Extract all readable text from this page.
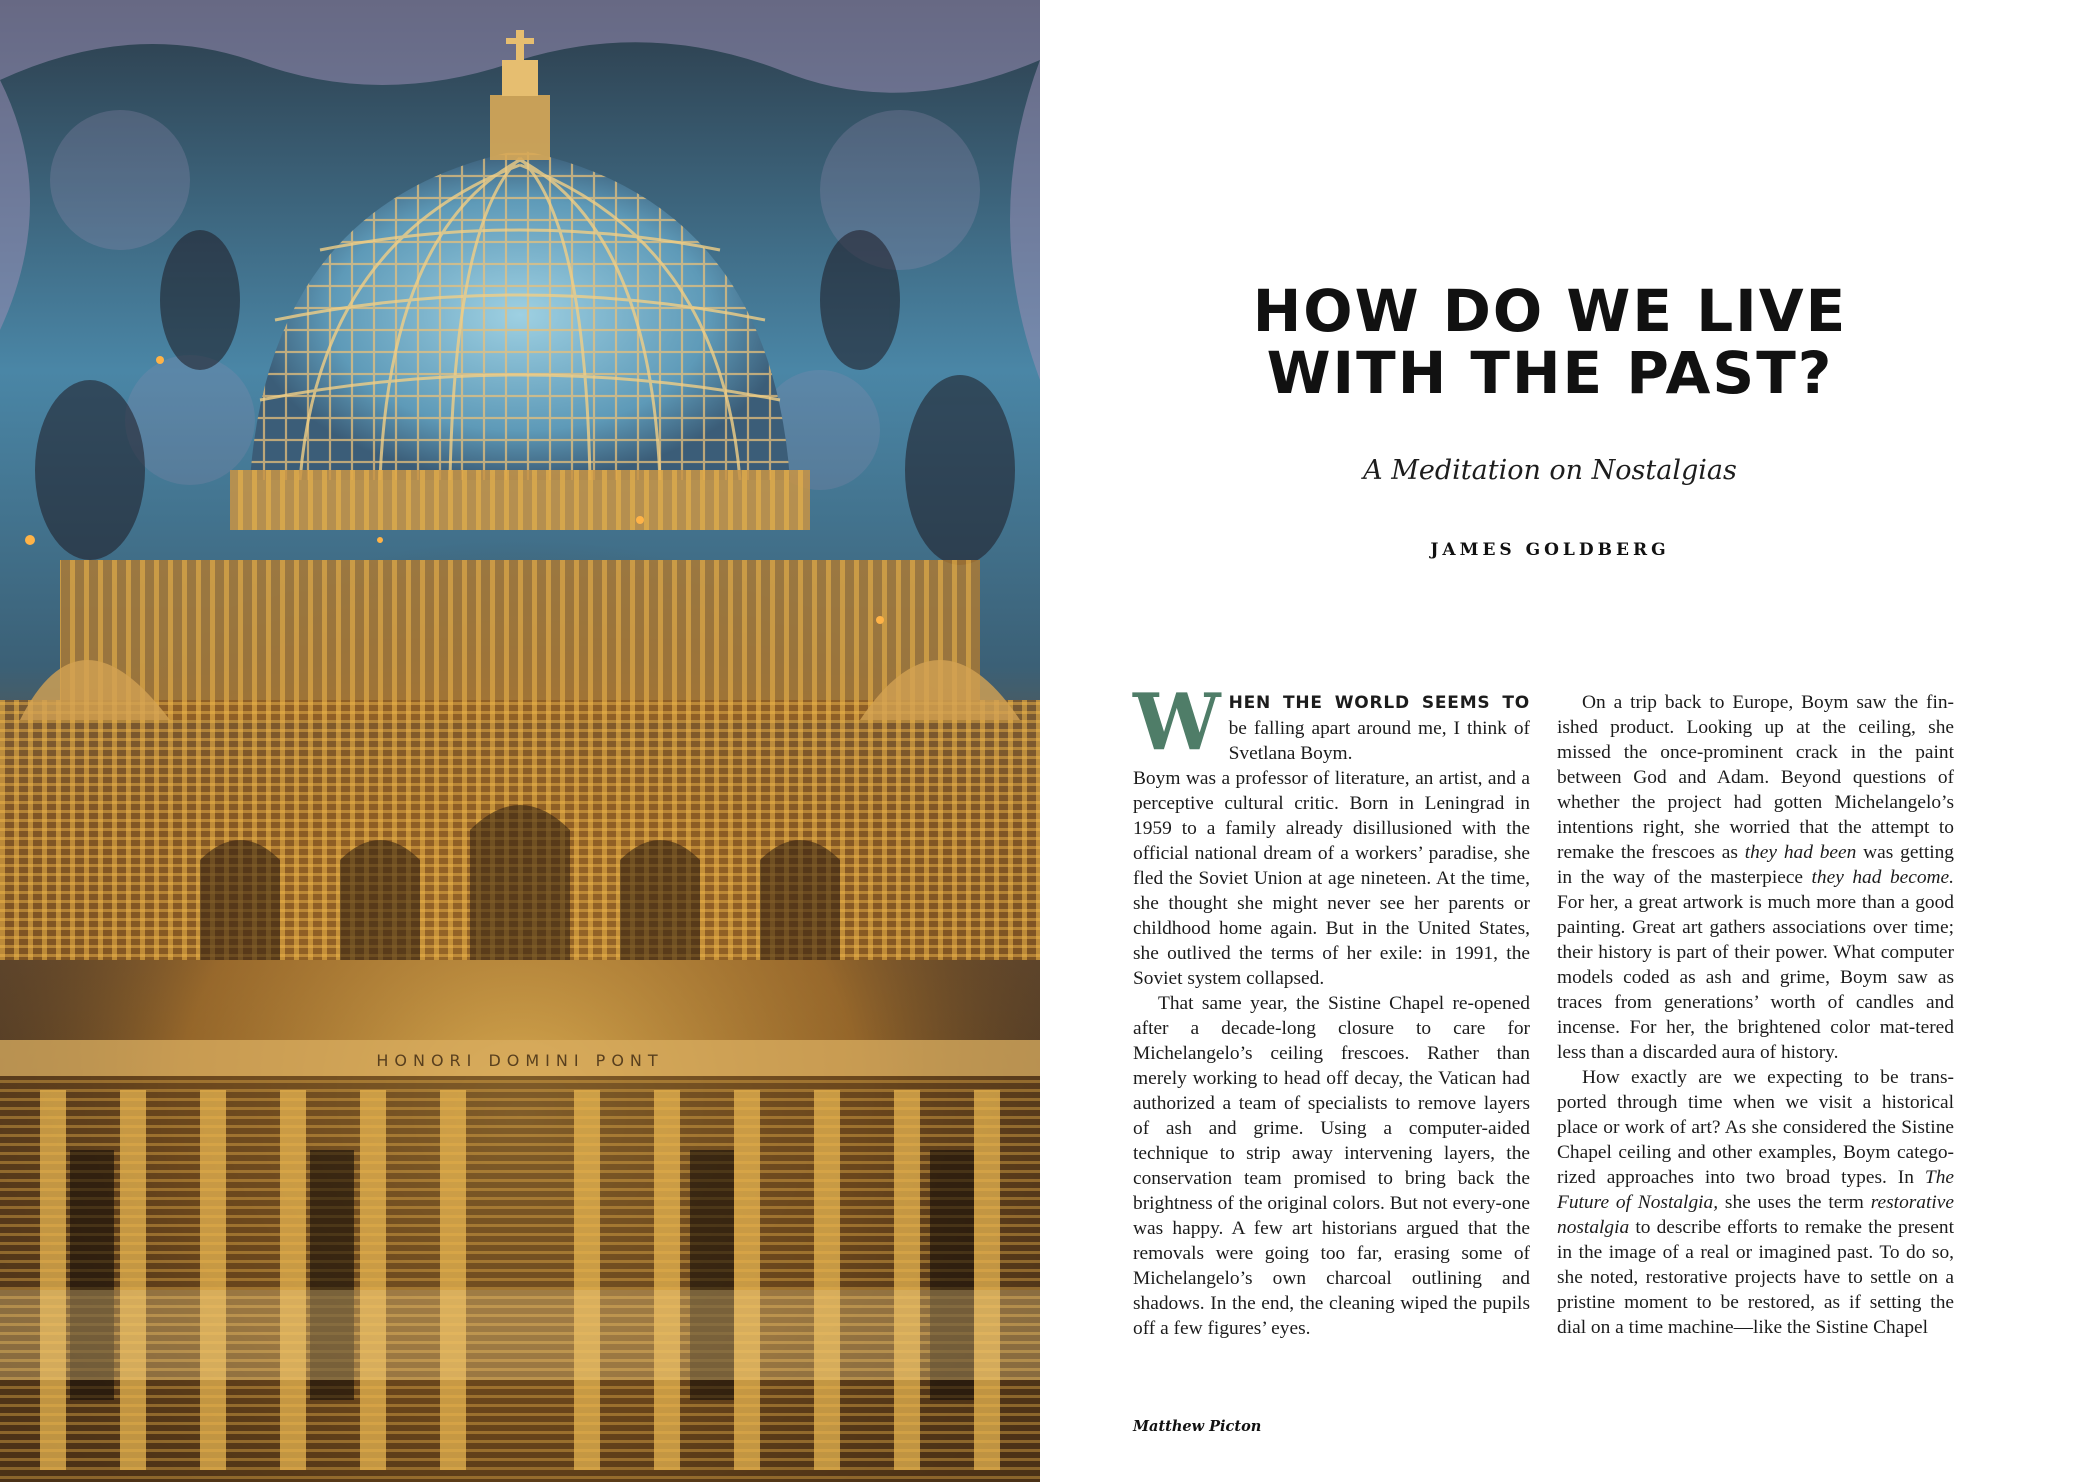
HONORI DOMINI PONT
HOW DO WE LIVE
WITH THE PAST?
A Meditation on Nostalgias
JAMES GOLDBERG

WHEN THE WORLD SEEMS TO be falling apart around me, I think of Svetlana Boym.

Boym was a professor of literature, an artist, and a perceptive cultural critic. Born in Leningrad in 1959 to a family already disillusioned with the official national dream of a workers’ paradise, she fled the Soviet Union at age nineteen. At the time, she thought she might never see her parents or childhood home again. But in the United States, she outlived the terms of her exile: in 1991, the Soviet system collapsed.

That same year, the Sistine Chapel re-opened after a decade-long closure to care for Michelangelo’s ceiling frescoes. Rather than merely working to head off decay, the Vatican had authorized a team of specialists to remove layers of ash and grime. Using a computer-aided technique to strip away intervening layers, the conservation team promised to bring back the brightness of the original colors. But not every-one was happy. A few art historians argued that the removals were going too far, erasing some of Michelangelo’s own charcoal outlining and shadows. In the end, the cleaning wiped the pupils off a few figures’ eyes.

On a trip back to Europe, Boym saw the fin-ished product. Looking up at the ceiling, she missed the once-prominent crack in the paint between God and Adam. Beyond questions of whether the project had gotten Michelangelo’s intentions right, she worried that the attempt to remake the frescoes as they had been was getting in the way of the masterpiece they had become. For her, a great artwork is much more than a good painting. Great art gathers associations over time; their history is part of their power. What computer models coded as ash and grime, Boym saw as traces from generations’ worth of candles and incense. For her, the brightened color mat-tered less than a discarded aura of history.

How exactly are we expecting to be trans-ported through time when we visit a historical place or work of art? As she considered the Sistine Chapel ceiling and other examples, Boym catego-rized approaches into two broad types. In The Future of Nostalgia, she uses the term restorative nostalgia to describe efforts to remake the present in the image of a real or imagined past. To do so, she noted, restorative projects have to settle on a pristine moment to be restored, as if setting the dial on a time machine—like the Sistine Chapel

Matthew Picton
